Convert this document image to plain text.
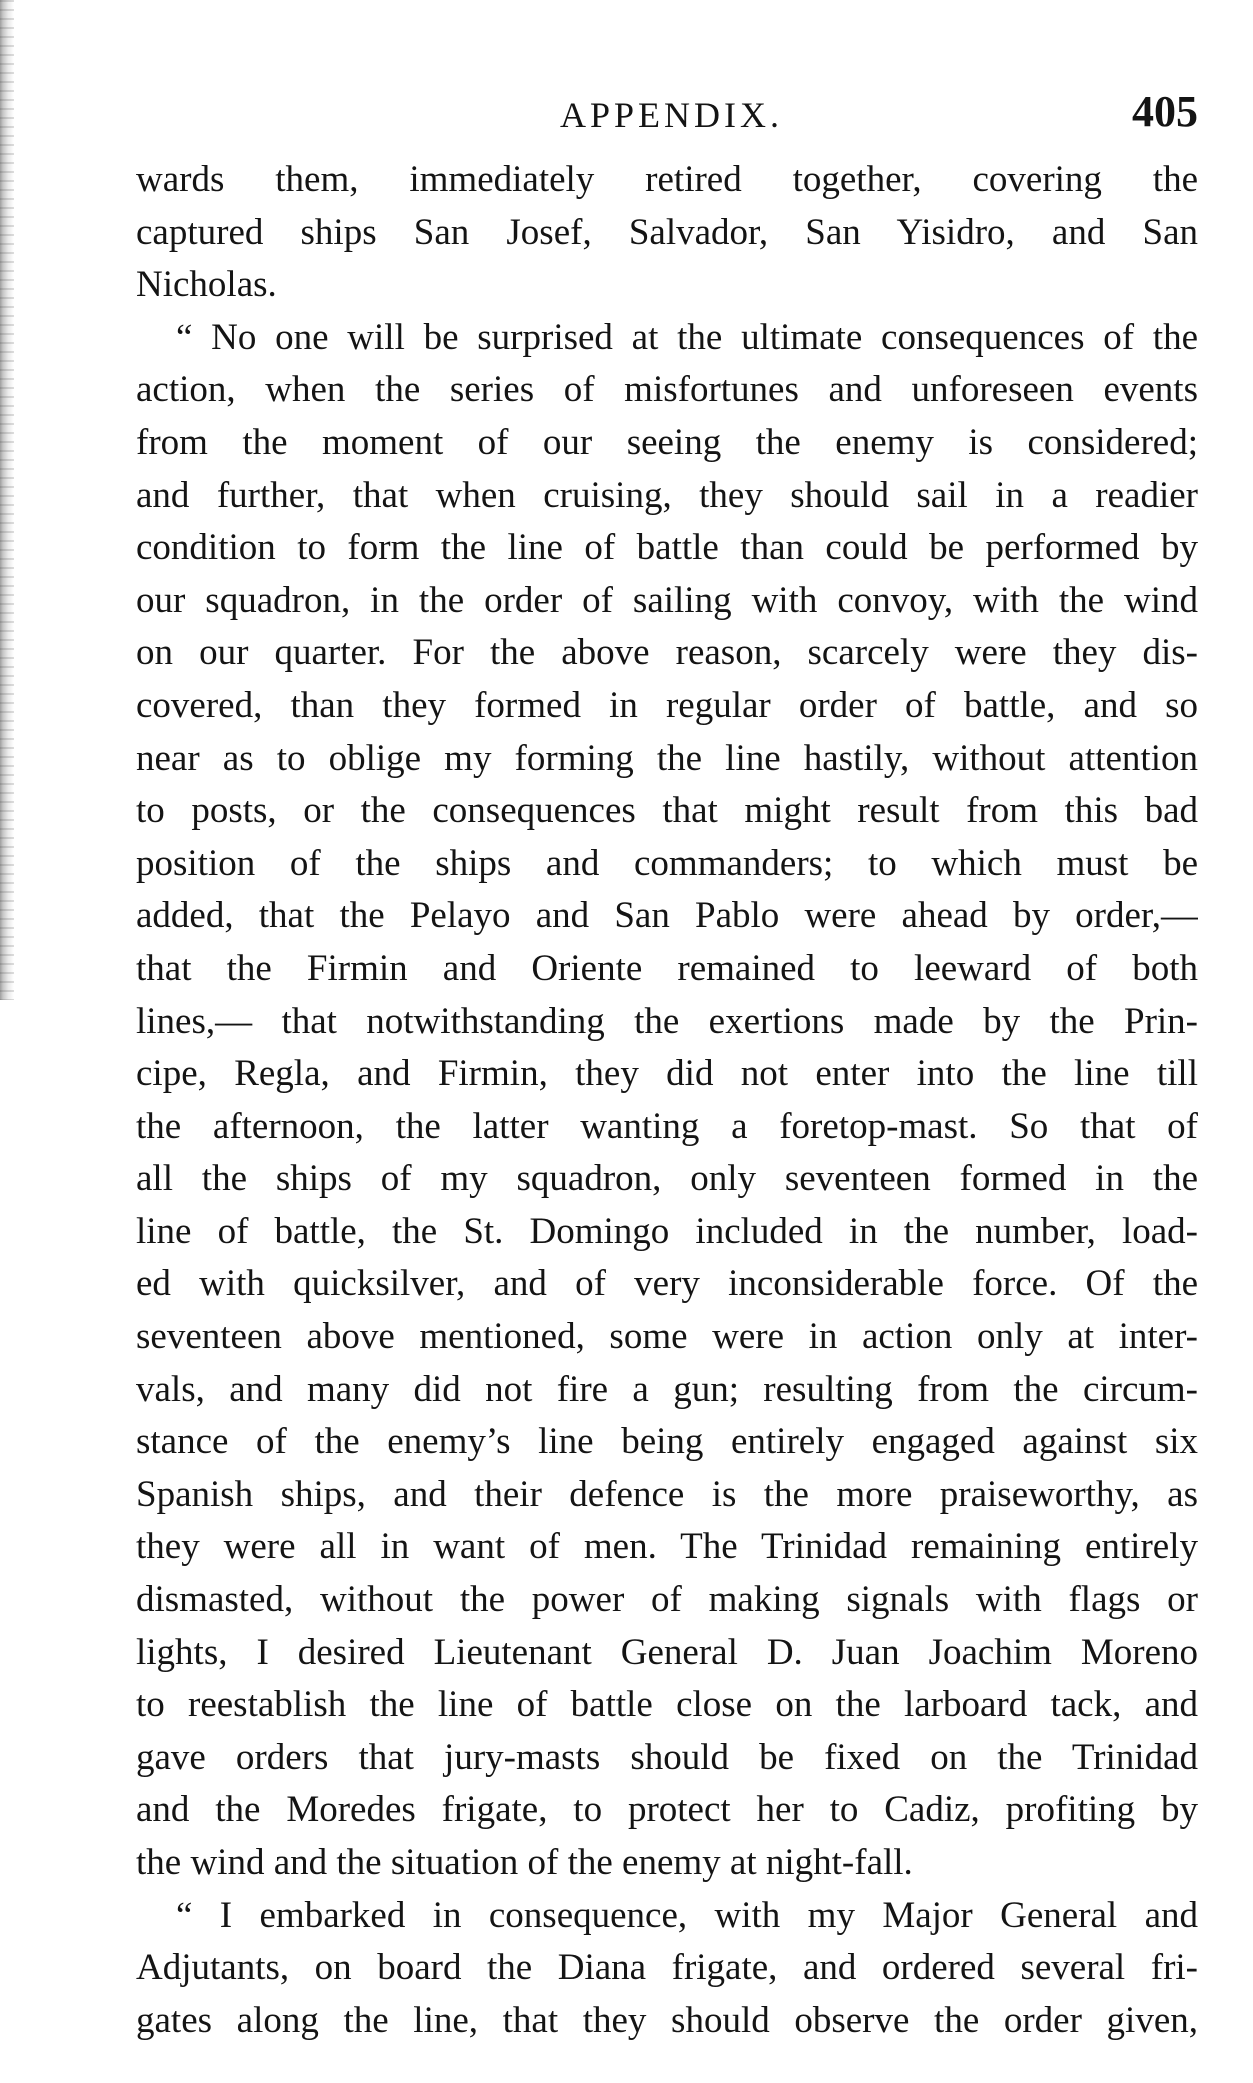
APPENDIX.	405
wards them, immediately retired together, covering the
captured ships San Josef, Salvador, San Yisidro, and San
Nicholas.
“ No one will be surprised at the ultimate consequences of the
action, when the series of misfortunes and unforeseen events
from the moment of our seeing the enemy is considered;
and further, that when cruising, they should sail in a readier
condition to form the line of battle than could be performed by
our squadron, in the order of sailing with convoy, with the wind
on our quarter. For the above reason, scarcely were they dis-
covered, than they formed in regular order of battle, and so
near as to oblige my forming the line hastily, without attention
to posts, or the consequences that might result from this bad
position of the ships and commanders; to which must be
added, that the Pelayo and San Pablo were ahead by order,—
that the Firmin and Oriente remained to leeward of both
lines,— that notwithstanding the exertions made by the Prin-
cipe, Regla, and Firmin, they did not enter into the line till
the afternoon, the latter wanting a foretop-mast. So that of
all the ships of my squadron, only seventeen formed in the
line of battle, the St. Domingo included in the number, load-
ed with quicksilver, and of very inconsiderable force. Of the
seventeen above mentioned, some were in action only at inter-
vals, and many did not fire a gun; resulting from the circum-
stance of the enemy’s line being entirely engaged against six
Spanish ships, and their defence is the more praiseworthy, as
they were all in want of men. The Trinidad remaining entirely
dismasted, without the power of making signals with flags or
lights, I desired Lieutenant General D. Juan Joachim Moreno
to reestablish the line of battle close on the larboard tack, and
gave orders that jury-masts should be fixed on the Trinidad
and the Moredes frigate, to protect her to Cadiz, profiting by
the wind and the situation of the enemy at night-fall.
“ I embarked in consequence, with my Major General and
Adjutants, on board the Diana frigate, and ordered several fri-
gates along the line, that they should observe the order given,
